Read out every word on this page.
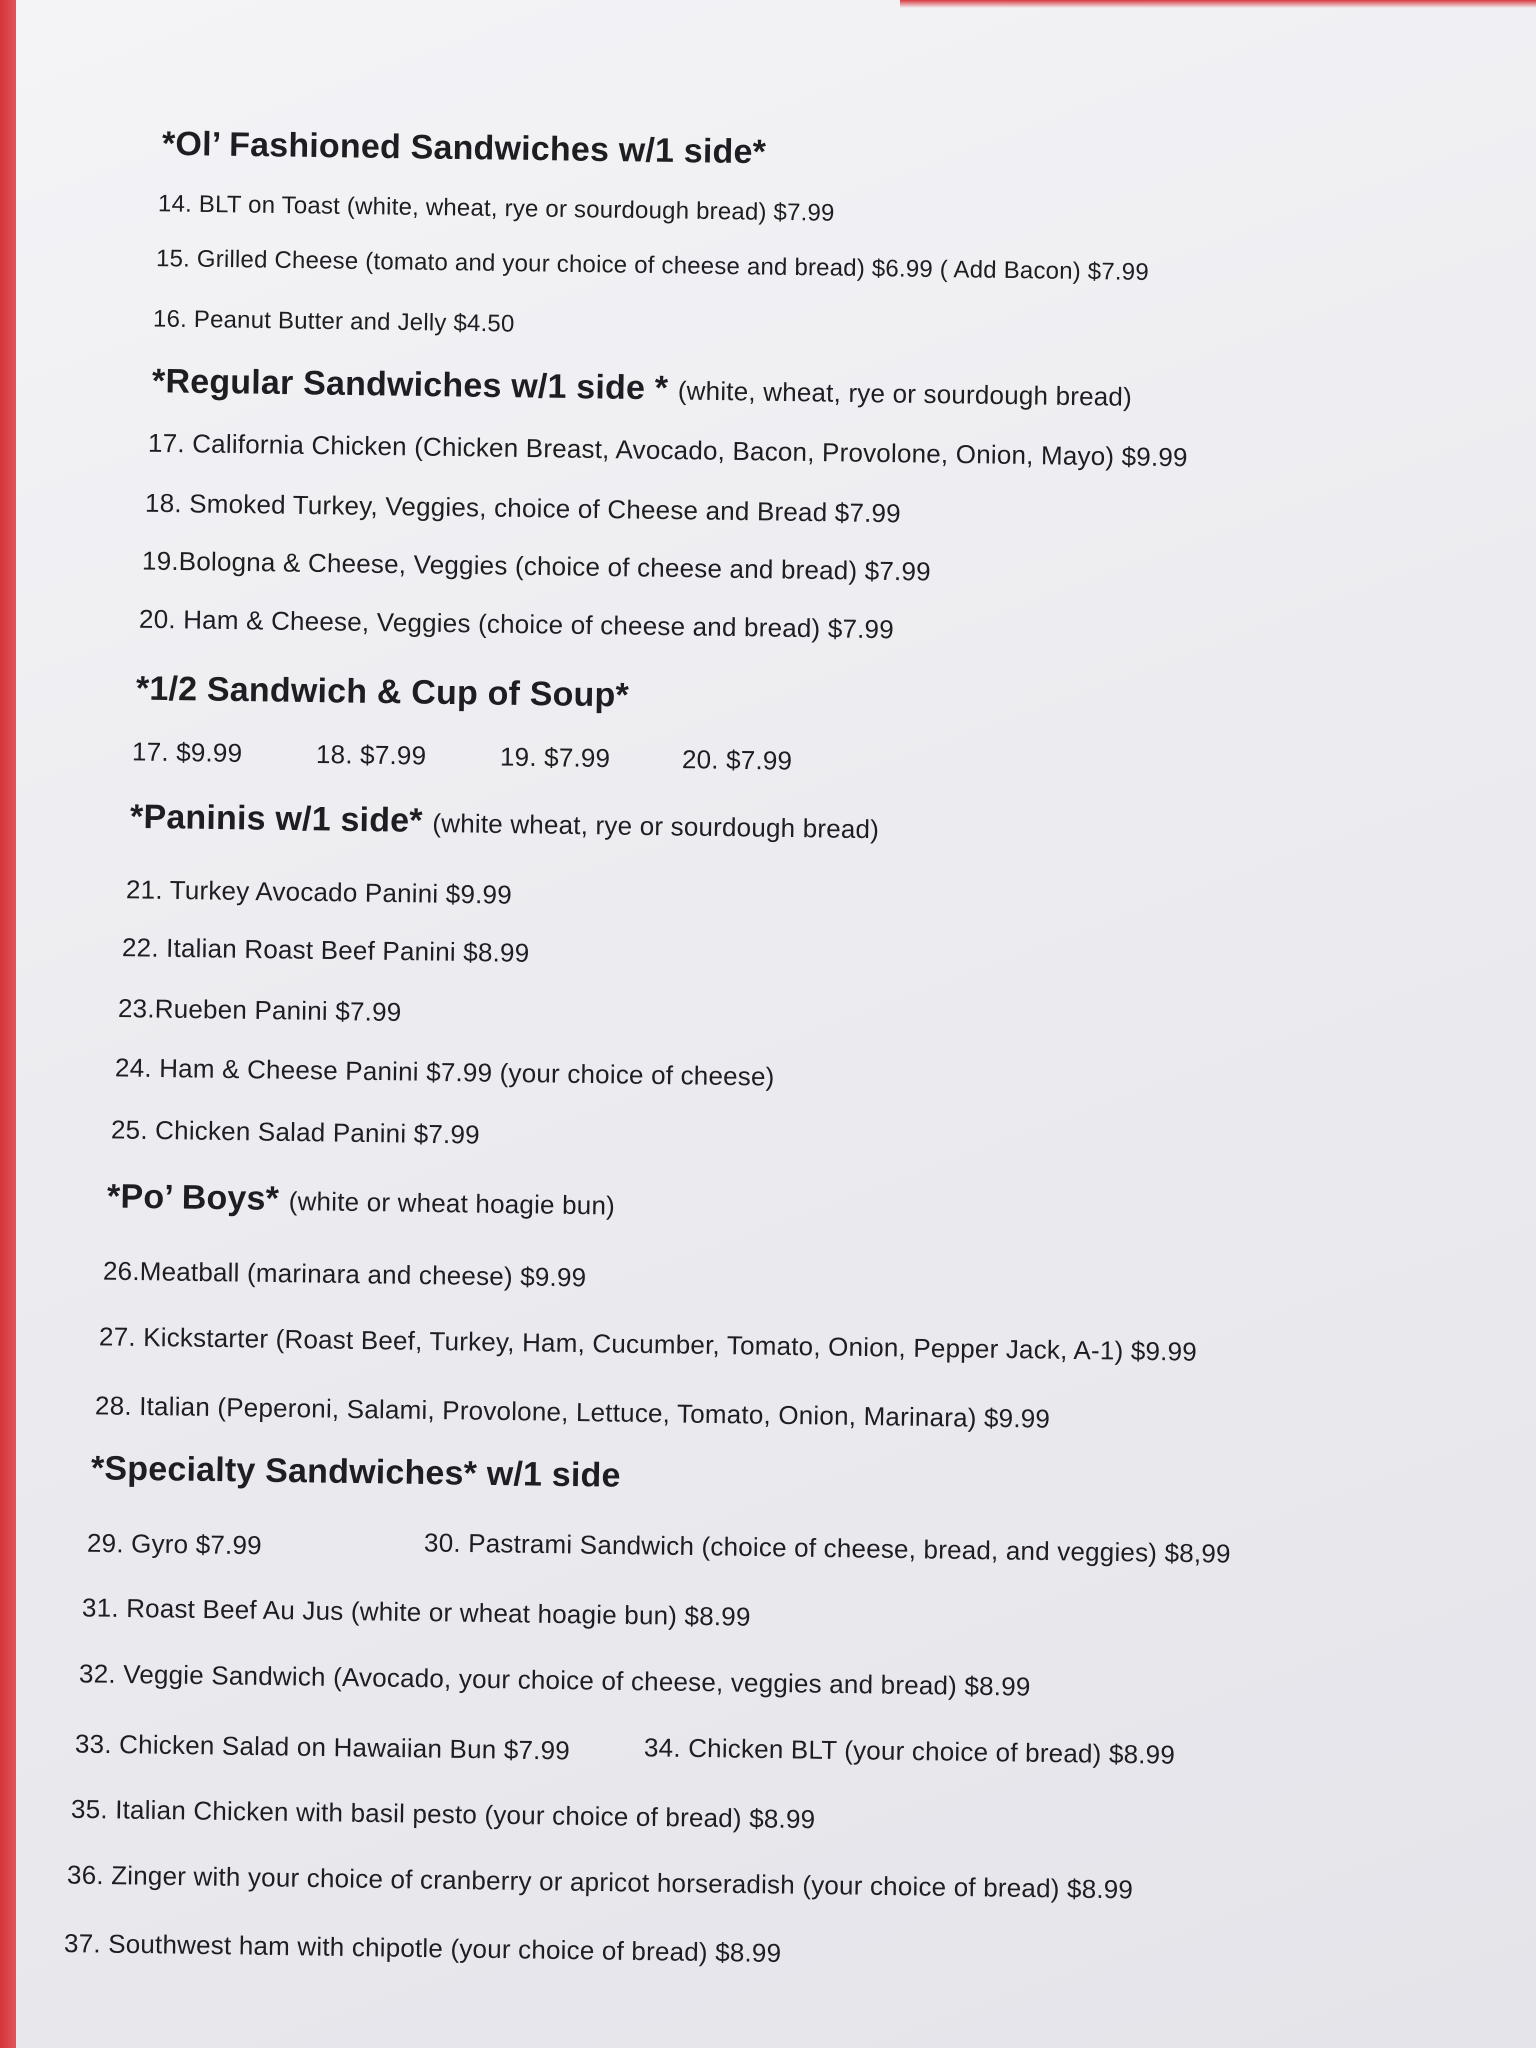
*Ol’ Fashioned Sandwiches w/1 side*
14. BLT on Toast (white, wheat, rye or sourdough bread) $7.99
15. Grilled Cheese (tomato and your choice of cheese and bread) $6.99 ( Add Bacon) $7.99
16. Peanut Butter and Jelly $4.50
*Regular Sandwiches w/1 side * (white, wheat, rye or sourdough bread)
17. California Chicken (Chicken Breast, Avocado, Bacon, Provolone, Onion, Mayo) $9.99
18. Smoked Turkey, Veggies, choice of Cheese and Bread $7.99
19.Bologna & Cheese, Veggies (choice of cheese and bread) $7.99
20. Ham & Cheese, Veggies (choice of cheese and bread) $7.99
*1/2 Sandwich & Cup of Soup*
17. $9.99	18. $7.99	19. $7.99	20. $7.99
*Paninis w/1 side* (white wheat, rye or sourdough bread)
21. Turkey Avocado Panini $9.99
22. Italian Roast Beef Panini $8.99
23.Rueben Panini $7.99
24. Ham & Cheese Panini $7.99 (your choice of cheese)
25. Chicken Salad Panini $7.99
*Po’ Boys* (white or wheat hoagie bun)
26.Meatball (marinara and cheese) $9.99
27. Kickstarter (Roast Beef, Turkey, Ham, Cucumber, Tomato, Onion, Pepper Jack, A-1) $9.99
28. Italian (Peperoni, Salami, Provolone, Lettuce, Tomato, Onion, Marinara) $9.99
*Specialty Sandwiches* w/1 side
29. Gyro $7.99	30. Pastrami Sandwich (choice of cheese, bread, and veggies) $8,99
31. Roast Beef Au Jus (white or wheat hoagie bun) $8.99
32. Veggie Sandwich (Avocado, your choice of cheese, veggies and bread) $8.99
33. Chicken Salad on Hawaiian Bun $7.99	34. Chicken BLT (your choice of bread) $8.99
35. Italian Chicken with basil pesto (your choice of bread) $8.99
36. Zinger with your choice of cranberry or apricot horseradish (your choice of bread) $8.99
37. Southwest ham with chipotle (your choice of bread) $8.99
